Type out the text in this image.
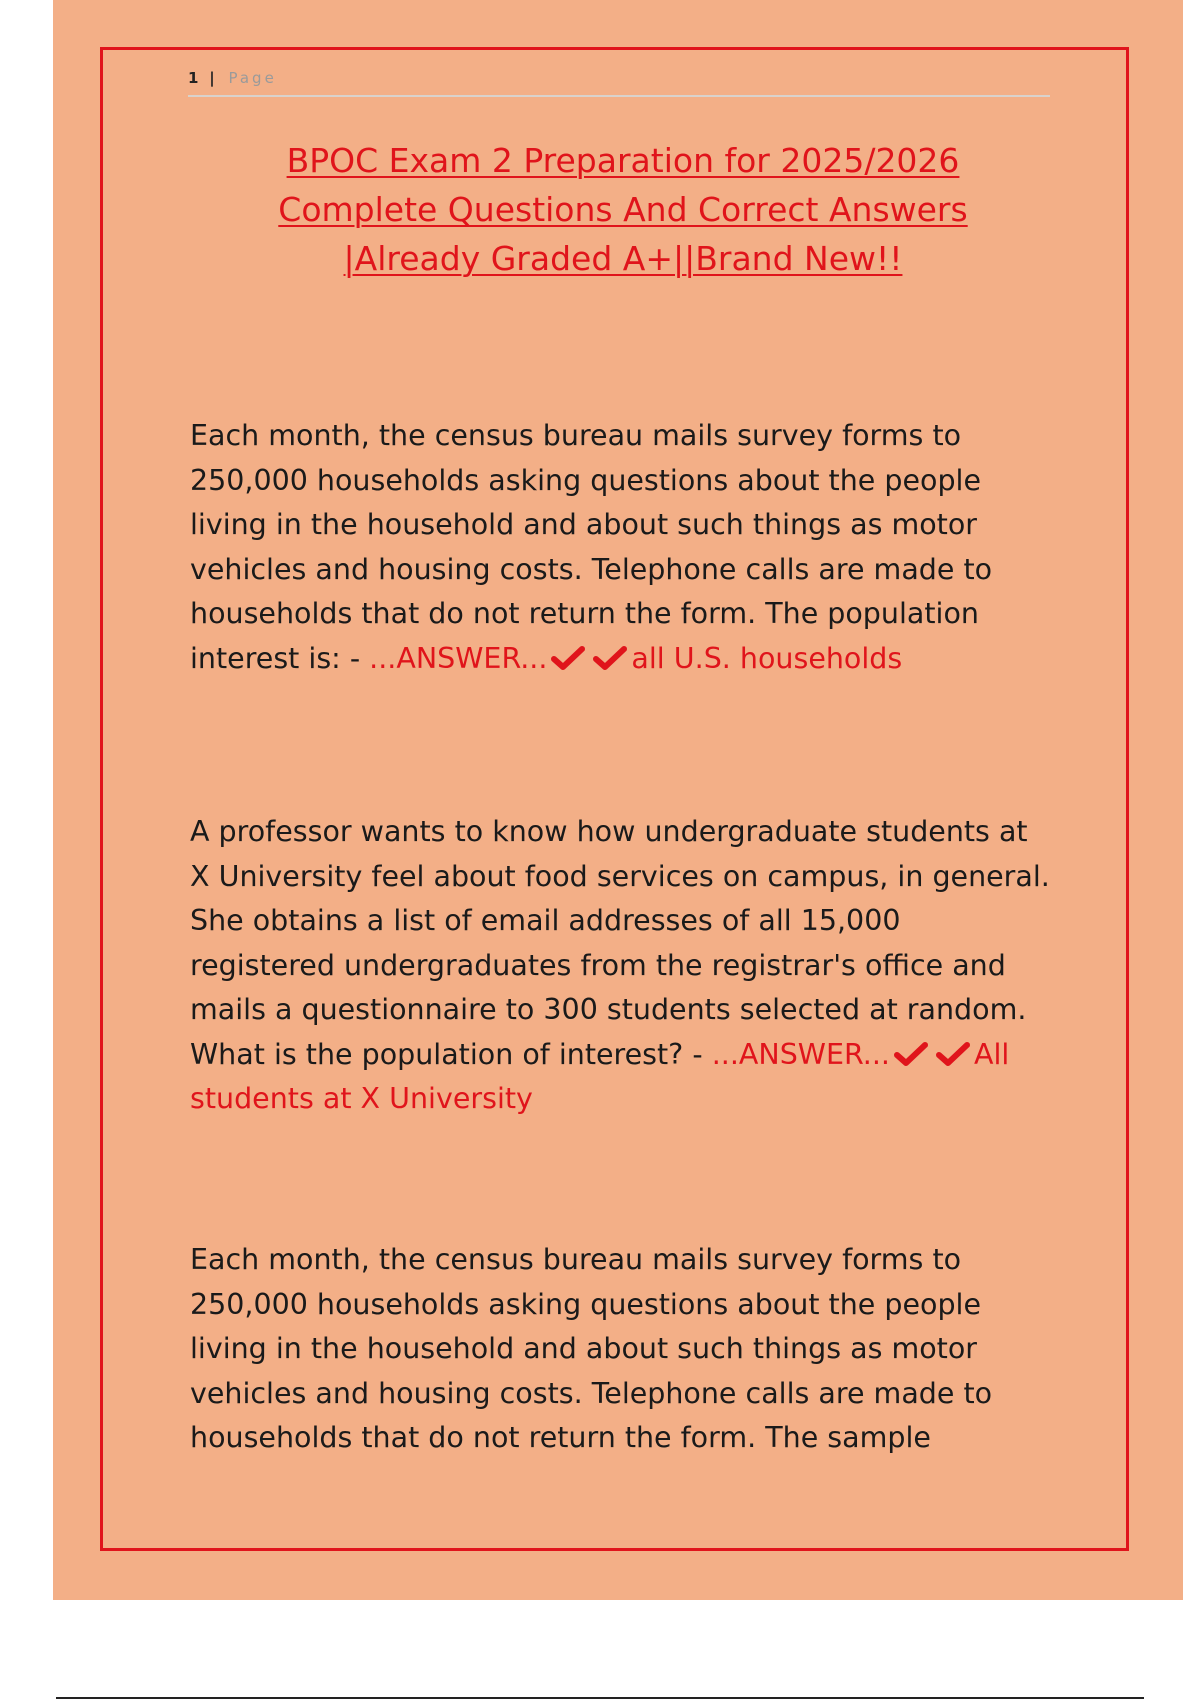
1 | Page
BPOC Exam 2 Preparation for 2025/2026
Complete Questions And Correct Answers
|Already Graded A+||Brand New!!
Each month, the census bureau mails survey forms to 250,000 households asking questions about the people living in the household and about such things as motor vehicles and housing costs. Telephone calls are made to households that do not return the form. The population interest is: - ...ANSWER...	all U.S. households
A professor wants to know how undergraduate students at X University feel about food services on campus, in general. She obtains a list of email addresses of all 15,000 registered undergraduates from the registrar's office and mails a questionnaire to 300 students selected at random. What is the population of interest? - ...ANSWER...	All students at X University
Each month, the census bureau mails survey forms to 250,000 households asking questions about the people living in the household and about such things as motor vehicles and housing costs. Telephone calls are made to households that do not return the form. The sample
